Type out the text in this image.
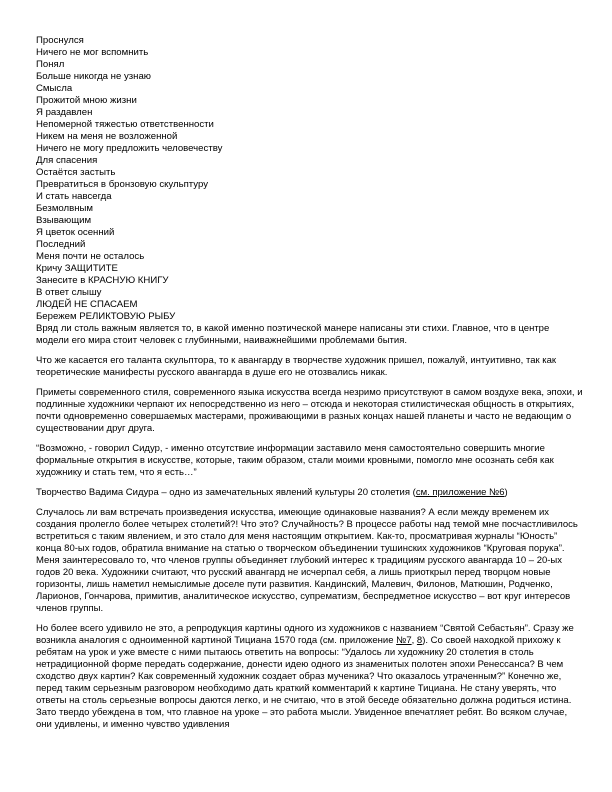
Проснулся
Ничего не мог вспомнить
Понял
Больше никогда не узнаю
Смысла
Прожитой мною жизни
Я раздавлен
Непомерной тяжестью ответственности
Никем на меня не возложенной
Ничего не могу предложить человечеству
Для спасения
Остаётся застыть
Превратиться в бронзовую скульптуру
И стать навсегда
Безмолвным
Взывающим
Я цветок осенний
Последний
Меня почти не осталось
Кричу ЗАЩИТИТЕ
Занесите в КРАСНУЮ КНИГУ
В ответ слышу
ЛЮДЕЙ НЕ СПАСАЕМ
Бережем РЕЛИКТОВУЮ РЫБУ

Вряд ли столь важным является то, в какой именно поэтической манере написаны эти стихи. Главное, что в центре модели его мира стоит человек с глубинными, наиважнейшими проблемами бытия.

Что же касается его таланта скульптора, то к авангарду в творчестве художник пришел, пожалуй, интуитивно, так как теоретические манифесты русского авангарда в душе его не отозвались никак.

Приметы современного стиля, современного языка искусства всегда незримо присутствуют в самом воздухе века, эпохи, и подлинные художники черпают их непосредственно из него – отсюда и некоторая стилистическая общность в открытиях, почти одновременно совершаемых мастерами, проживающими в разных концах нашей планеты и часто не ведающим о существовании друг друга.

“Возможно, - говорил Сидур, - именно отсутствие информации заставило меня самостоятельно совершить многие формальные открытия в искусстве, которые, таким образом, стали моими кровными, помогло мне осознать себя как художнику и стать тем, что я есть…”

Творчество Вадима Сидура – одно из замечательных явлений культуры 20 столетия (см. приложение №6)

Случалось ли вам встречать произведения искусства, имеющие одинаковые названия? А если между временем их создания пролегло более четырех столетий?! Что это? Случайность? В процессе работы над темой мне посчастливилось встретиться с таким явлением, и это стало для меня настоящим открытием. Как-то, просматривая журналы “Юность” конца 80-ых годов, обратила внимание на статью о творческом объединении тушинских художников “Круговая порука”. Меня заинтересовало то, что членов группы объединяет глубокий интерес к традициям русского авангарда 10 – 20-ых годов 20 века. Художники считают, что русский авангард не исчерпал себя, а лишь приоткрыл перед творцом новые горизонты, лишь наметил немыслимые доселе пути развития. Кандинский, Малевич, Филонов, Матюшин, Родченко, Ларионов, Гончарова, примитив, аналитическое искусство, супрематизм, беспредметное искусство – вот круг интересов членов группы.

Но более всего удивило не это, а репродукция картины одного из художников с названием “Святой Себастьян”. Сразу же возникла аналогия с одноименной картиной Тициана 1570 года (см. приложение №7, 8). Со своей находкой прихожу к ребятам на урок и уже вместе с ними пытаюсь ответить на вопросы: “Удалось ли художнику 20 столетия в столь нетрадиционной форме передать содержание, донести идею одного из знаменитых полотен эпохи Ренессанса? В чем сходство двух картин? Как современный художник создает образ мученика? Что оказалось утраченным?” Конечно же, перед таким серьезным разговором необходимо дать краткий комментарий к картине Тициана. Не стану уверять, что ответы на столь серьезные вопросы даются легко, и не считаю, что в этой беседе обязательно должна родиться истина. Зато твердо убеждена в том, что главное на уроке – это работа мысли. Увиденное впечатляет ребят. Во всяком случае, они удивлены, и именно чувство удивления
